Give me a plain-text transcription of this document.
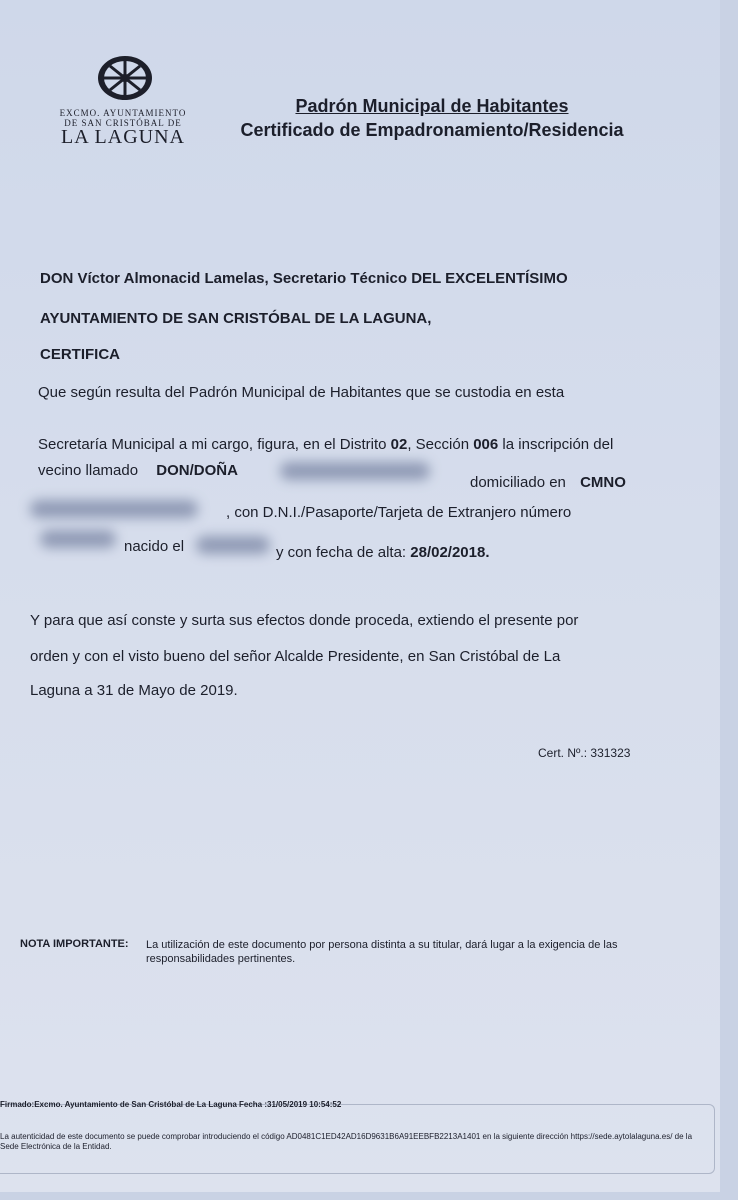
EXCMO. AYUNTAMIENTO DE SAN CRISTÓBAL DE
LA LAGUNA
Padrón Municipal de Habitantes
Certificado de Empadronamiento/Residencia
DON Víctor Almonacid Lamelas, Secretario Técnico DEL EXCELENTÍSIMO
AYUNTAMIENTO DE SAN CRISTÓBAL DE LA LAGUNA,
CERTIFICA
Que según resulta del Padrón Municipal de Habitantes que se custodia en esta
Secretaría Municipal a mi cargo, figura, en el Distrito 02, Sección 006 la inscripción del
vecino llamado DON/DOÑA
domiciliado en CMNO
, con D.N.I./Pasaporte/Tarjeta de Extranjero número
nacido el	y con fecha de alta: 28/02/2018.
Y para que así conste y surta sus efectos donde proceda, extiendo el presente por
orden y con el visto bueno del señor Alcalde Presidente, en San Cristóbal de La
Laguna a 31 de Mayo de 2019.
Cert. Nº.: 331323
NOTA IMPORTANTE: La utilización de este documento por persona distinta a su titular, dará lugar a la exigencia de las responsabilidades pertinentes.
Firmado:Excmo. Ayuntamiento de San Cristóbal de La Laguna Fecha :31/05/2019 10:54:52
La autenticidad de este documento se puede comprobar introduciendo el código AD0481C1ED42AD16D9631B6A91EEBFB2213A1401 en la siguiente dirección https://sede.aytolalaguna.es/ de la Sede Electrónica de la Entidad.
